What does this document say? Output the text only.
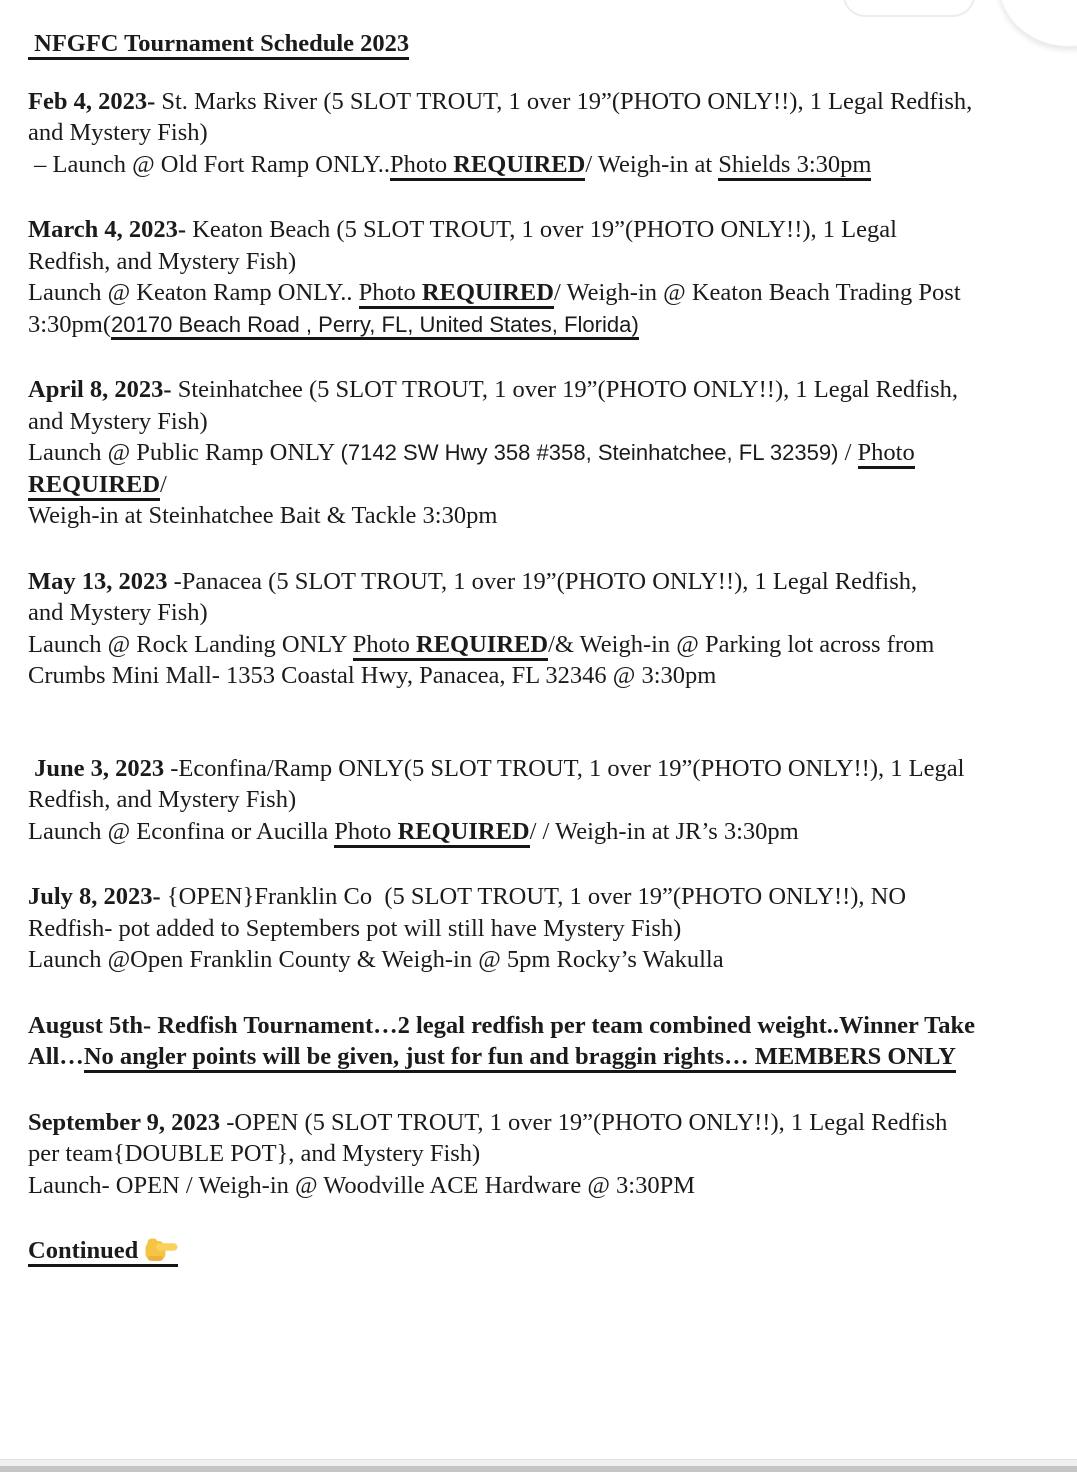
NFGFC Tournament Schedule 2023

Feb 4, 2023- St. Marks River (5 SLOT TROUT, 1 over 19”(PHOTO ONLY!!), 1 Legal Redfish,
and Mystery Fish)
– Launch @ Old Fort Ramp ONLY..Photo REQUIRED/ Weigh-in at Shields 3:30pm

March 4, 2023- Keaton Beach (5 SLOT TROUT, 1 over 19”(PHOTO ONLY!!), 1 Legal
Redfish, and Mystery Fish)
Launch @ Keaton Ramp ONLY.. Photo REQUIRED/ Weigh-in @ Keaton Beach Trading Post
3:30pm(20170 Beach Road , Perry, FL, United States, Florida)

April 8, 2023- Steinhatchee (5 SLOT TROUT, 1 over 19”(PHOTO ONLY!!), 1 Legal Redfish,
and Mystery Fish)
Launch @ Public Ramp ONLY (7142 SW Hwy 358 #358, Steinhatchee, FL 32359) / Photo
REQUIRED/
Weigh-in at Steinhatchee Bait & Tackle 3:30pm

May 13, 2023 -Panacea (5 SLOT TROUT, 1 over 19”(PHOTO ONLY!!), 1 Legal Redfish,
and Mystery Fish)
Launch @ Rock Landing ONLY Photo REQUIRED/& Weigh-in @ Parking lot across from
Crumbs Mini Mall- 1353 Coastal Hwy, Panacea, FL 32346 @ 3:30pm

June 3, 2023 -Econfina/Ramp ONLY(5 SLOT TROUT, 1 over 19”(PHOTO ONLY!!), 1 Legal
Redfish, and Mystery Fish)
Launch @ Econfina or Aucilla Photo REQUIRED/ / Weigh-in at JR’s 3:30pm

July 8, 2023- {OPEN}Franklin Co  (5 SLOT TROUT, 1 over 19”(PHOTO ONLY!!), NO
Redfish- pot added to Septembers pot will still have Mystery Fish)
Launch @Open Franklin County & Weigh-in @ 5pm Rocky’s Wakulla

August 5th- Redfish Tournament…2 legal redfish per team combined weight..Winner Take
All…No angler points will be given, just for fun and braggin rights… MEMBERS ONLY

September 9, 2023 -OPEN (5 SLOT TROUT, 1 over 19”(PHOTO ONLY!!), 1 Legal Redfish
per team{DOUBLE POT}, and Mystery Fish)
Launch- OPEN / Weigh-in @ Woodville ACE Hardware @ 3:30PM

Continued
